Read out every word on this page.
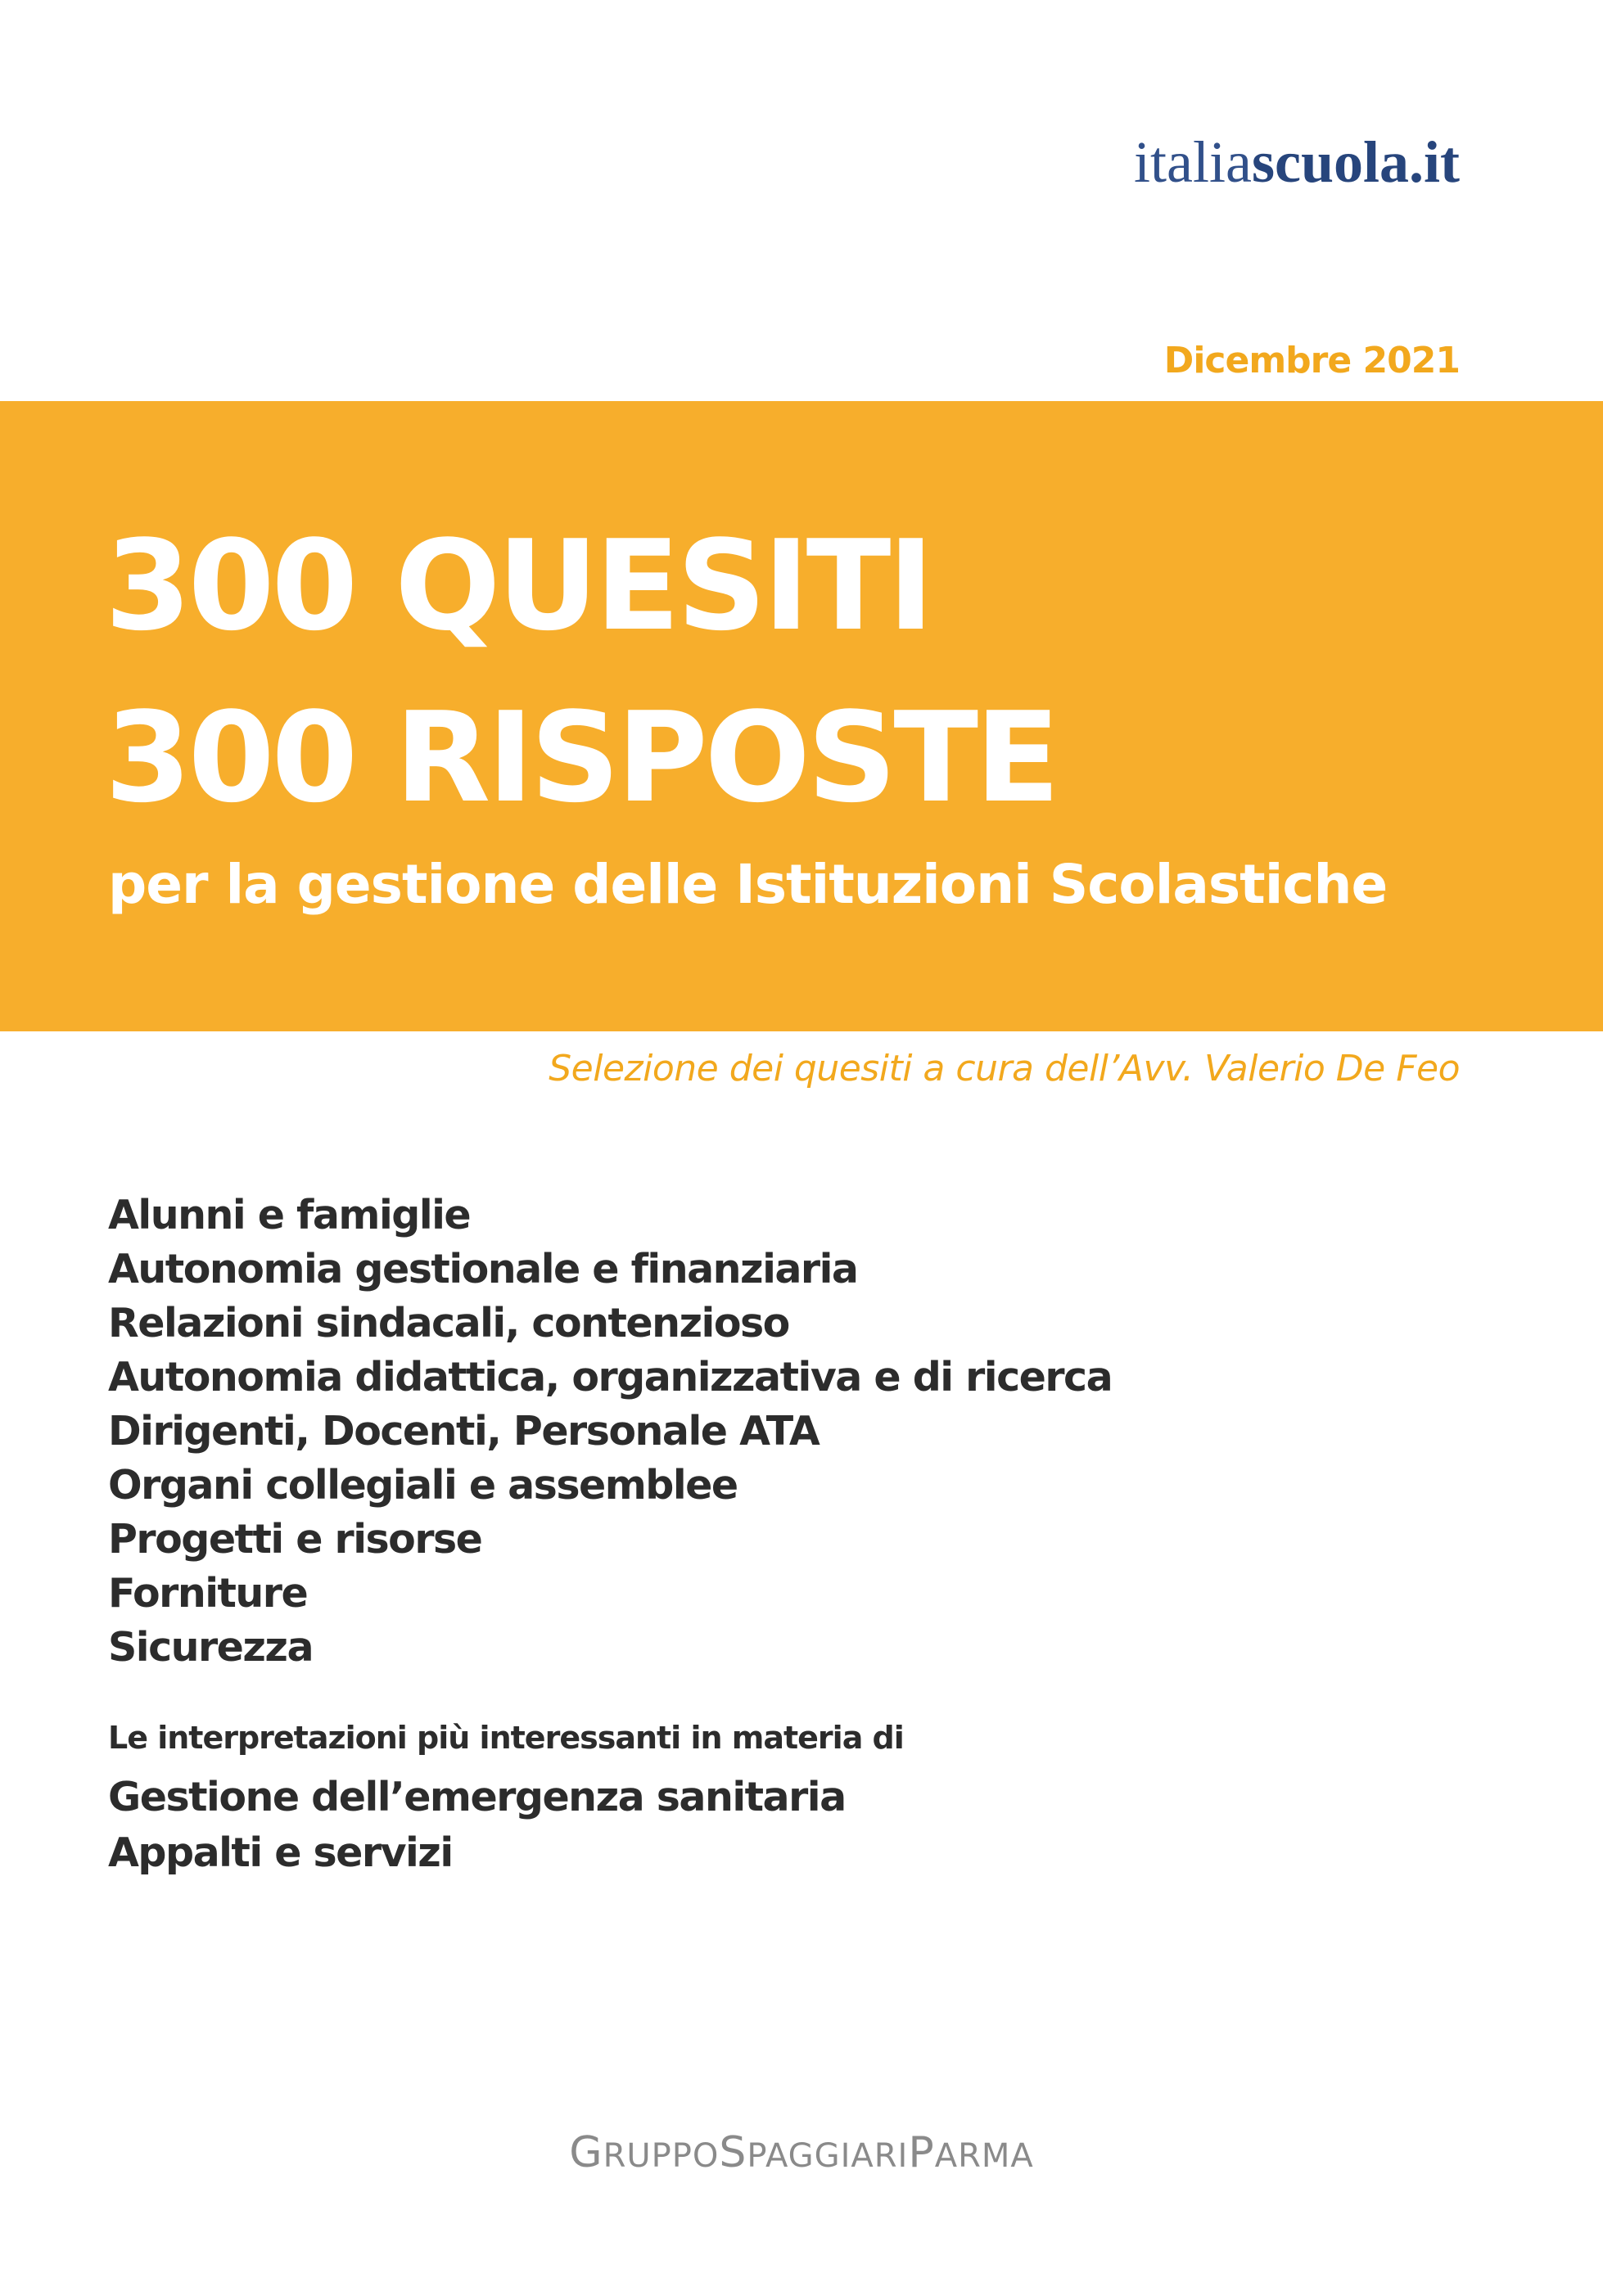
italiascuola.it
Dicembre 2021
300 QUESITI
300 RISPOSTE
per la gestione delle Istituzioni Scolastiche
Selezione dei quesiti a cura dell’Avv. Valerio De Feo
Alunni e famiglie
Autonomia gestionale e finanziaria
Relazioni sindacali, contenzioso
Autonomia didattica, organizzativa e di ricerca
Dirigenti, Docenti, Personale ATA
Organi collegiali e assemblee
Progetti e risorse
Forniture
Sicurezza
Le interpretazioni più interessanti in materia di
Gestione dell’emergenza sanitaria
Appalti e servizi
GRUPPOSPAGGIARIPARMA
